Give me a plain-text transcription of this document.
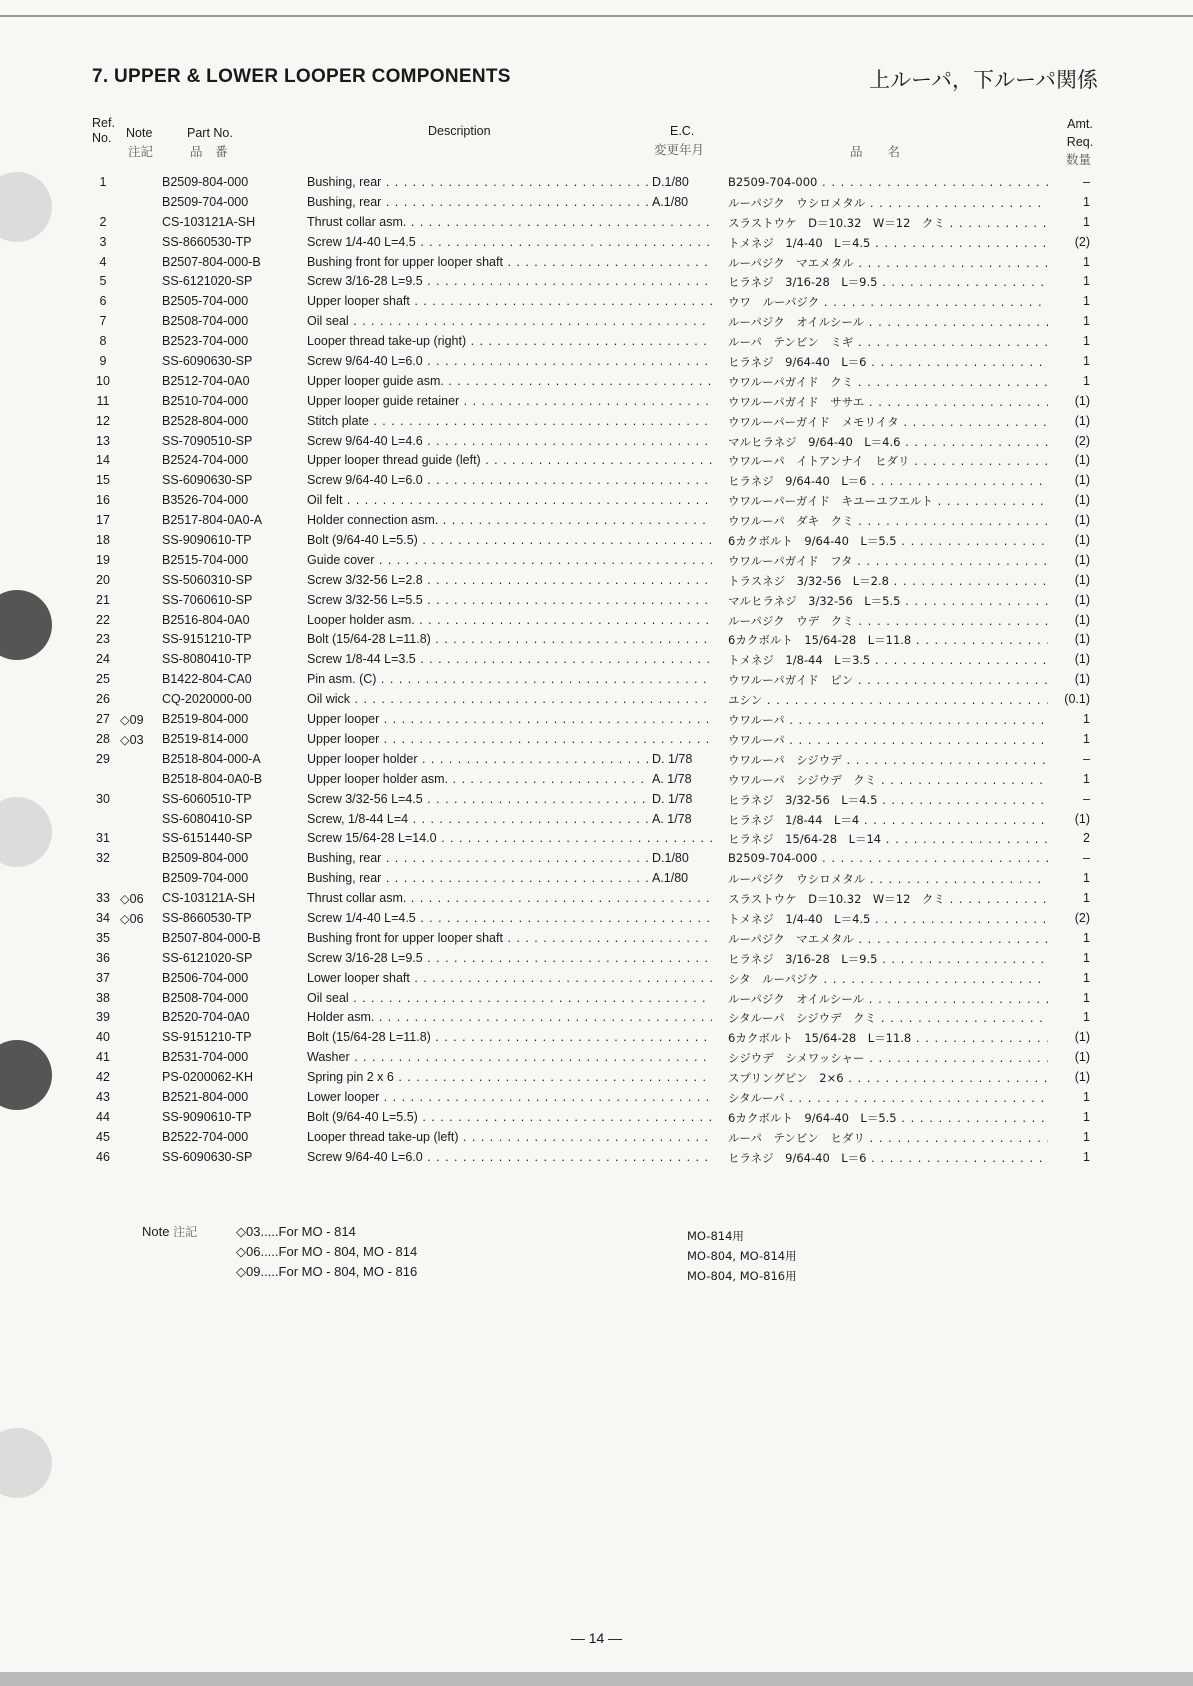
7. UPPER & LOWER LOOPER COMPONENTS	上ルーパ，下ルーパ関係
Ref. No.	Note
注記
Part No.
品　番
Description	E.C.
変更年月	品　　名
Amt. Req.
数量
1	B2509-804-000	Bushing, rear . . .	D.1/80	B2509-704-000 . . .	–
B2509-704-000	Bushing, rear . . .	A.1/80	ルーパジク　ウシロメタル . . .	1
2	CS-103121A-SH	Thrust collar asm. . . .	スラストウケ　D＝10.32　W＝12　クミ . . .	1
3	SS-8660530-TP	Screw 1/4-40 L=4.5 . . .	トメネジ　1/4-40　L＝4.5 . . .	(2)
4	B2507-804-000-B	Bushing front for upper looper shaft . . .	ルーパジク　マエメタル . . .	1
5	SS-6121020-SP	Screw 3/16-28 L=9.5 . . .	ヒラネジ　3/16-28　L＝9.5 . . .	1
6	B2505-704-000	Upper looper shaft . . .	ウワ　ルーパジク . . .	1
7	B2508-704-000	Oil seal . . .	ルーパジク　オイルシール . . .	1
8	B2523-704-000	Looper thread take-up (right) . . .	ルーパ　テンビン　ミギ . . .	1
9	SS-6090630-SP	Screw 9/64-40 L=6.0 . . .	ヒラネジ　9/64-40　L＝6 . . .	1
10	B2512-704-0A0	Upper looper guide asm. . . .	ウワルーパガイド　クミ . . .	1
11	B2510-704-000	Upper looper guide retainer . . .	ウワルーパガイド　ササエ . . .	(1)
12	B2528-804-000	Stitch plate . . .	ウワルーパーガイド　メモリイタ . . .	(1)
13	SS-7090510-SP	Screw 9/64-40 L=4.6 . . .	マルヒラネジ　9/64-40　L＝4.6 . . .	(2)
14	B2524-704-000	Upper looper thread guide (left) . . .	ウワルーパ　イトアンナイ　ヒダリ . . .	(1)
15	SS-6090630-SP	Screw 9/64-40 L=6.0 . . .	ヒラネジ　9/64-40　L＝6 . . .	(1)
16	B3526-704-000	Oil felt . . .	ウワルーパーガイド　キユーユフエルト . . .	(1)
17	B2517-804-0A0-A	Holder connection asm. . . .	ウワルーパ　ダキ　クミ . . .	(1)
18	SS-9090610-TP	Bolt (9/64-40 L=5.5) . . .	6カクボルト　9/64-40　L＝5.5 . . .	(1)
19	B2515-704-000	Guide cover . . .	ウワルーパガイド　フタ . . .	(1)
20	SS-5060310-SP	Screw 3/32-56 L=2.8 . . .	トラスネジ　3/32-56　L＝2.8 . . .	(1)
21	SS-7060610-SP	Screw 3/32-56 L=5.5 . . .	マルヒラネジ　3/32-56　L＝5.5 . . .	(1)
22	B2516-804-0A0	Looper holder asm. . . .	ルーパジク　ウデ　クミ . . .	(1)
23	SS-9151210-TP	Bolt (15/64-28 L=11.8) . . .	6カクボルト　15/64-28　L＝11.8 . . .	(1)
24	SS-8080410-TP	Screw 1/8-44 L=3.5 . . .	トメネジ　1/8-44　L＝3.5 . . .	(1)
25	B1422-804-CA0	Pin asm. (C) . . .	ウワルーパガイド　ピン . . .	(1)
26	CQ-2020000-00	Oil wick . . .	ユシン . . .	(0.1)
27 ◇09	B2519-804-000	Upper looper . . .	ウワルーパ . . .	1
28 ◇03	B2519-814-000	Upper looper . . .	ウワルーパ . . .	1
29	B2518-804-000-A	Upper looper holder . . .	D. 1/78	ウワルーパ　シジウデ . . .	–
B2518-804-0A0-B	Upper looper holder asm. . . .	A. 1/78	ウワルーパ　シジウデ　クミ . . .	1
30	SS-6060510-TP	Screw 3/32-56 L=4.5 . . .	D. 1/78	ヒラネジ　3/32-56　L＝4.5 . . .	–
SS-6080410-SP	Screw, 1/8-44 L=4 . . .	A. 1/78	ヒラネジ　1/8-44　L＝4 . . .	(1)
31	SS-6151440-SP	Screw 15/64-28 L=14.0 . . .	ヒラネジ　15/64-28　L＝14 . . .	2
32	B2509-804-000	Bushing, rear . . .	D.1/80	B2509-704-000 . . .	–
B2509-704-000	Bushing, rear . . .	A.1/80	ルーパジク　ウシロメタル . . .	1
33 ◇06	CS-103121A-SH	Thrust collar asm. . . .	スラストウケ　D＝10.32　W＝12　クミ . . .	1
34 ◇06	SS-8660530-TP	Screw 1/4-40 L=4.5 . . .	トメネジ　1/4-40　L＝4.5 . . .	(2)
35	B2507-804-000-B	Bushing front for upper looper shaft . . .	ルーパジク　マエメタル . . .	1
36	SS-6121020-SP	Screw 3/16-28 L=9.5 . . .	ヒラネジ　3/16-28　L＝9.5 . . .	1
37	B2506-704-000	Lower looper shaft . . .	シタ　ルーパジク . . .	1
38	B2508-704-000	Oil seal . . .	ルーパジク　オイルシール . . .	1
39	B2520-704-0A0	Holder asm. . . .	シタルーパ　シジウデ　クミ . . .	1
40	SS-9151210-TP	Bolt (15/64-28 L=11.8) . . .	6カクボルト　15/64-28　L＝11.8 . . .	(1)
41	B2531-704-000	Washer . . .	シジウデ　シメワッシャー . . .	(1)
42	PS-0200062-KH	Spring pin 2 x 6 . . .	スプリングピン　2×6 . . .	(1)
43	B2521-804-000	Lower looper . . .	シタルーパ . . .	1
44	SS-9090610-TP	Bolt (9/64-40 L=5.5) . . .	6カクボルト　9/64-40　L＝5.5 . . .	1
45	B2522-704-000	Looper thread take-up (left) . . .	ルーパ　テンビン　ヒダリ . . .	1
46	SS-6090630-SP	Screw 9/64-40 L=6.0 . . .	ヒラネジ　9/64-40　L＝6 . . .	1
Note 注記	◇03.....For MO - 814
◇06.....For MO - 804, MO - 814
◇09.....For MO - 804, MO - 816
MO-814用
MO-804, MO-814用
MO-804, MO-816用
— 14 —
